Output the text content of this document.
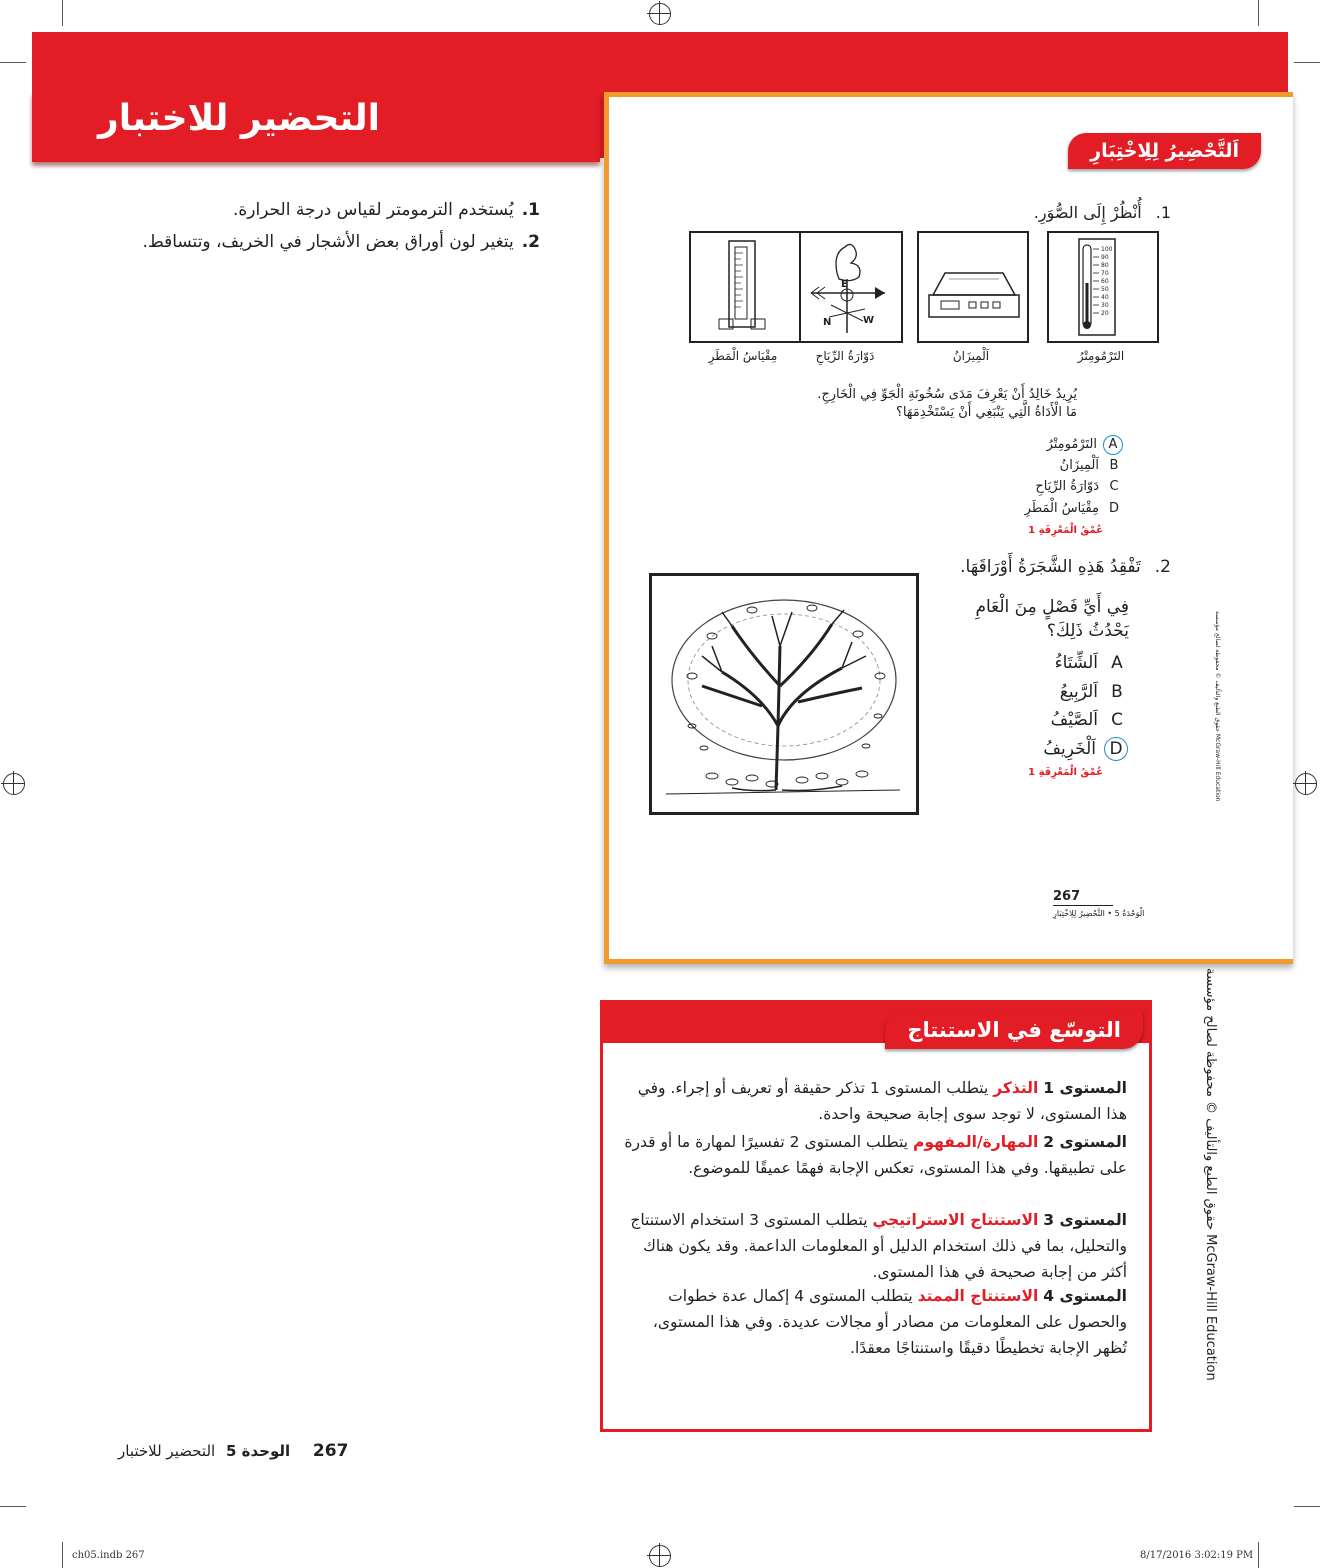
التحضير للاختبار
1.يُستخدم الترمومتر لقياس درجة الحرارة.
2.يتغير لون أوراق بعض الأشجار في الخريف، وتتساقط.
اَلتَّحْضِيرُ لِلِاخْتِبَارِ
1.أُنْظُرْ إِلَى الصُّوَرِ.
100
90
80
70
60
50
40
30
20
E
N	W
التَرْمُومِتْرُ
اَلْمِيزَانُ
دَوّارَةُ الرِّيَاحِ
مِقْيَاسُ الْمَطَرِ
يُرِيدُ خَالِدُ أَنْ يَعْرِفَ مَدَى سُخُونَةِ الْجَوِّ فِي الْخَارِجِ.
مَا الْأَدَاةُ الَّتِي يَنْبَغِي أَنْ يَسْتَخْدِمَهَا؟
Aالتَرْمُومِتْرُ
Bاَلْمِيزَانُ
Cدَوّارَةُ الرِّيَاحِ
Dمِقْيَاسُ الْمَطَرِ
عُمْقُ الْمَعْرِفَةِ 1
2.تَفْقِدُ هَذِهِ الشَّجَرَةُ أَوْرَاقَهَا.
فِي أَيِّ فَصْلٍ مِنَ الْعَامِ
يَحْدُثُ ذَلِكَ؟
Aاَلشِّتَاءُ
Bاَلرَّبِيعُ
Cاَلصَّيْفُ
Dاَلْخَرِيفُ
عُمْقُ الْمَعْرِفَةِ 1
267
الْوَحْدَةُ 5 • التَّحْضِيرُ لِلِاخْتِبَارِ
حقوق الطبع والتأليف © محفوظة لصالح مؤسسة McGraw-Hill Education
التوسّع في الاستنتاج
المستوى 1 التذكر يتطلب المستوى 1 تذكر حقيقة أو تعريف أو إجراء. وفي هذا المستوى، لا توجد سوى إجابة صحيحة واحدة.
المستوى 2 المهارة/المفهوم يتطلب المستوى 2 تفسيرًا لمهارة ما أو قدرة على تطبيقها. وفي هذا المستوى، تعكس الإجابة فهمًا عميقًا للموضوع.
المستوى 3 الاستنتاج الاستراتيجي يتطلب المستوى 3 استخدام الاستنتاج والتحليل، بما في ذلك استخدام الدليل أو المعلومات الداعمة. وقد يكون هناك أكثر من إجابة صحيحة في هذا المستوى.
المستوى 4 الاستنتاج الممتد يتطلب المستوى 4 إكمال عدة خطوات والحصول على المعلومات من مصادر أو مجالات عديدة. وفي هذا المستوى، تُظهر الإجابة تخطيطًا دقيقًا واستنتاجًا معقدًا.
حقوق الطبع والتأليف © محفوظة لصالح مؤسسة McGraw-Hill Education
267 الوحدة 5 التحضير للاختبار
ch05.indb 267	8/17/2016 3:02:19 PM
